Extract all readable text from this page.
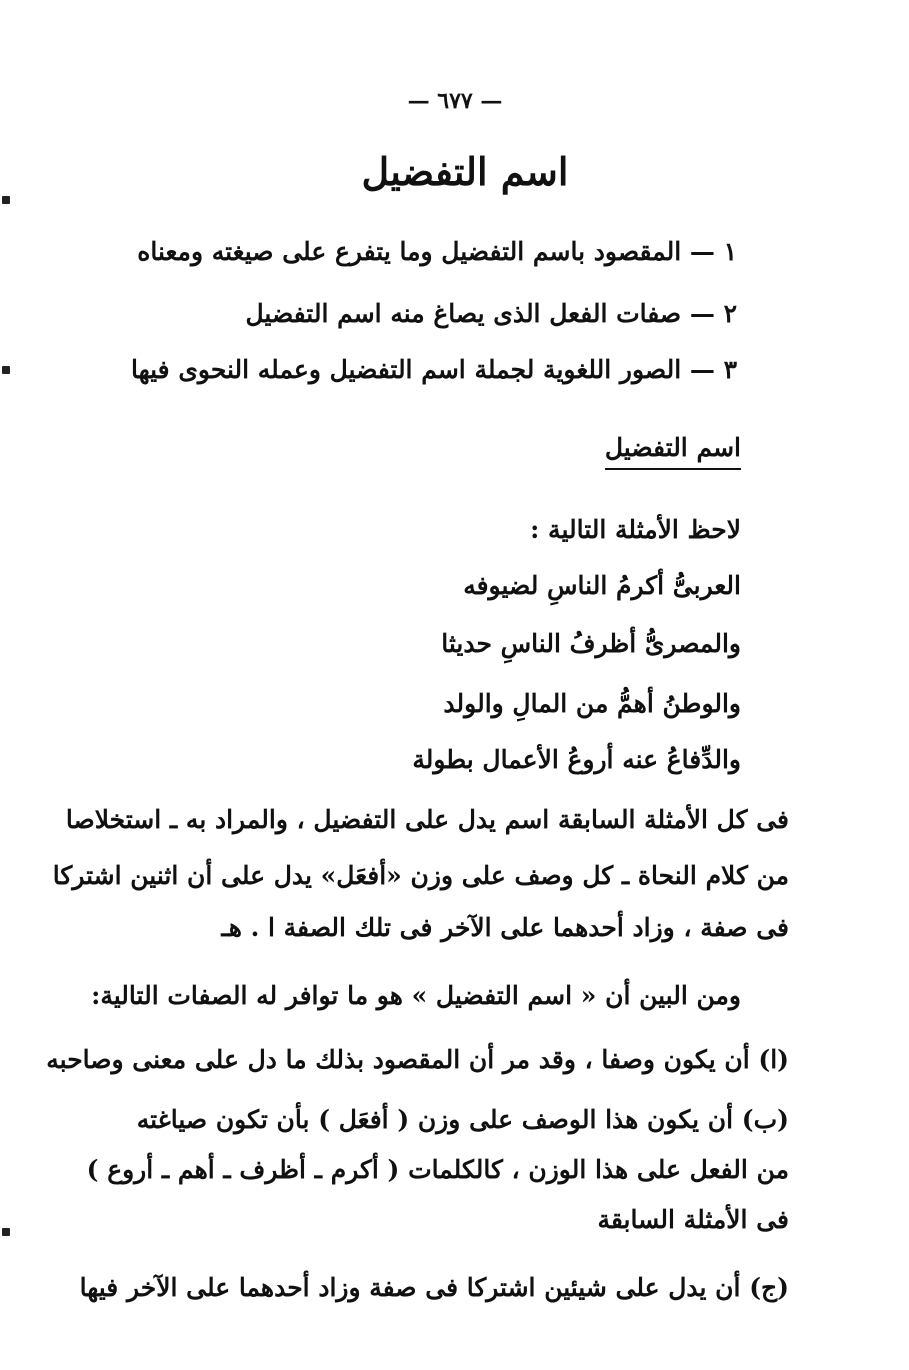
— ٦٧٧ —
اسم التفضيل
١ — المقصود باسم التفضيل وما يتفرع على صيغته ومعناه
٢ — صفات الفعل الذى يصاغ منه اسم التفضيل
٣ — الصور اللغوية لجملة اسم التفضيل وعمله النحوى فيها
اسم التفضيل
لاحظ الأمثلة التالية :
العربىُّ أكرمُ الناسِ لضيوفه
والمصرىُّ أظرفُ الناسِ حديثا
والوطنُ أهمُّ من المالِ والولد
والدِّفاعُ عنه أروعُ الأعمال بطولة
فى كل الأمثلة السابقة اسم يدل على التفضيل ، والمراد به ـ استخلاصا
من كلام النحاة ـ كل وصف على وزن «أفعَل» يدل على أن اثنين اشتركا
فى صفة ، وزاد أحدهما على الآخر فى تلك الصفة ا . هـ
ومن البين أن « اسم التفضيل » هو ما توافر له الصفات التالية:
(ا) أن يكون وصفا ، وقد مر أن المقصود بذلك ما دل على معنى وصاحبه
(ب) أن يكون هذا الوصف على وزن ( أفعَل ) بأن تكون صياغته
من الفعل على هذا الوزن ، كالكلمات ( أكرم ـ أظرف ـ أهم ـ أروع )
فى الأمثلة السابقة
(ج) أن يدل على شيئين اشتركا فى صفة وزاد أحدهما على الآخر فيها
